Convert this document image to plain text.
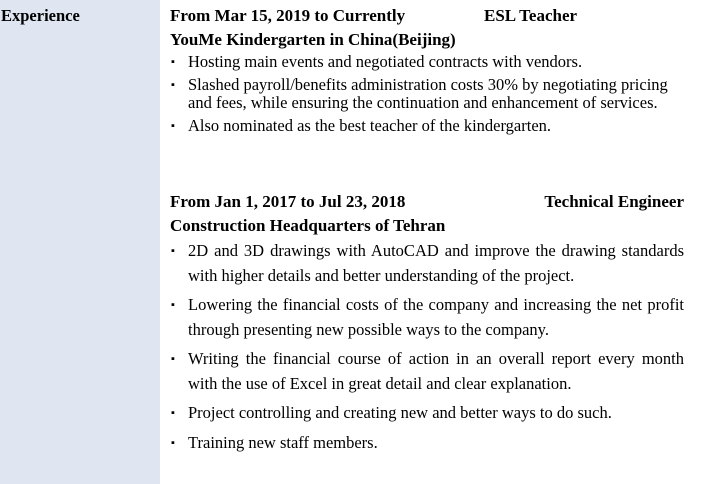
Experience	From Mar 15, 2019 to Currently	ESL Teacher
YouMe Kindergarten in China(Beijing)
▪ Hosting main events and negotiated contracts with vendors.
▪ Slashed payroll/benefits administration costs 30% by negotiating pricing and fees, while ensuring the continuation and enhancement of services.
▪ Also nominated as the best teacher of the kindergarten.
From Jan 1, 2017 to Jul 23, 2018	Technical Engineer
Construction Headquarters of Tehran
▪ 2D and 3D drawings with AutoCAD and improve the drawing standards with higher details and better understanding of the project.
▪ Lowering the financial costs of the company and increasing the net profit through presenting new possible ways to the company.
▪ Writing the financial course of action in an overall report every month with the use of Excel in great detail and clear explanation.
▪ Project controlling and creating new and better ways to do such.
▪ Training new staff members.
